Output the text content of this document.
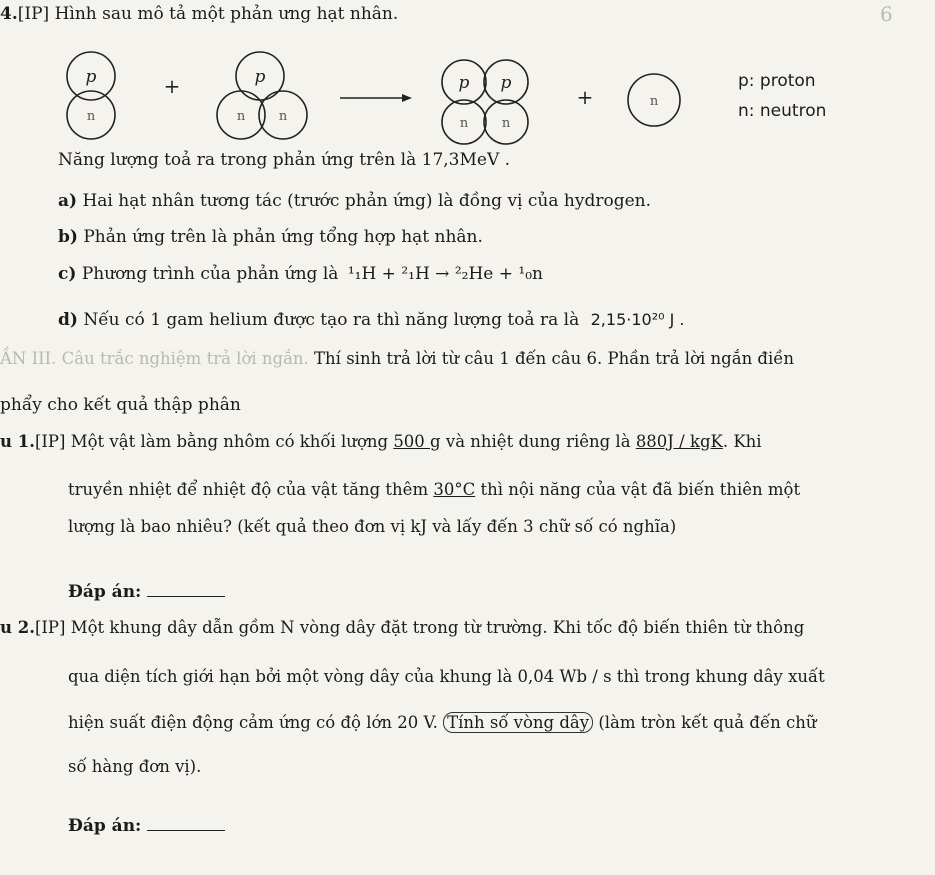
4.[IP] Hình sau mô tả một phản ưng hạt nhân.	6
p	p	p p
n	n	n	n	n
n
+	+
p: proton
n: neutron
Năng lượng toả ra trong phản ứng trên là 17,3MeV .
a) Hai hạt nhân tương tác (trước phản ứng) là đồng vị của hydrogen.
b) Phản ứng trên là phản ứng tổng hợp hạt nhân.
c) Phương trình của phản ứng là ¹₁H + ²₁H → ²₂He + ¹₀n
d) Nếu có 1 gam helium được tạo ra thì năng lượng toả ra là 2,15·10²⁰ J .
ẦN III. Câu trắc nghiệm trả lời ngắn. Thí sinh trả lời từ câu 1 đến câu 6. Phần trả lời ngắn điền
phẩy cho kết quả thập phân
u 1.[IP] Một vật làm bằng nhôm có khối lượng 500 g và nhiệt dung riêng là 880J / kgK. Khi
truyền nhiệt để nhiệt độ của vật tăng thêm 30°C thì nội năng của vật đã biến thiên một
lượng là bao nhiêu? (kết quả theo đơn vị kJ và lấy đến 3 chữ số có nghĩa)
Đáp án:
u 2.[IP] Một khung dây dẫn gồm N vòng dây đặt trong từ trường. Khi tốc độ biến thiên từ thông
qua diện tích giới hạn bởi một vòng dây của khung là 0,04 Wb / s thì trong khung dây xuất
hiện suất điện động cảm ứng có độ lớn 20 V. Tính số vòng dây (làm tròn kết quả đến chữ
số hàng đơn vị).
Đáp án:
